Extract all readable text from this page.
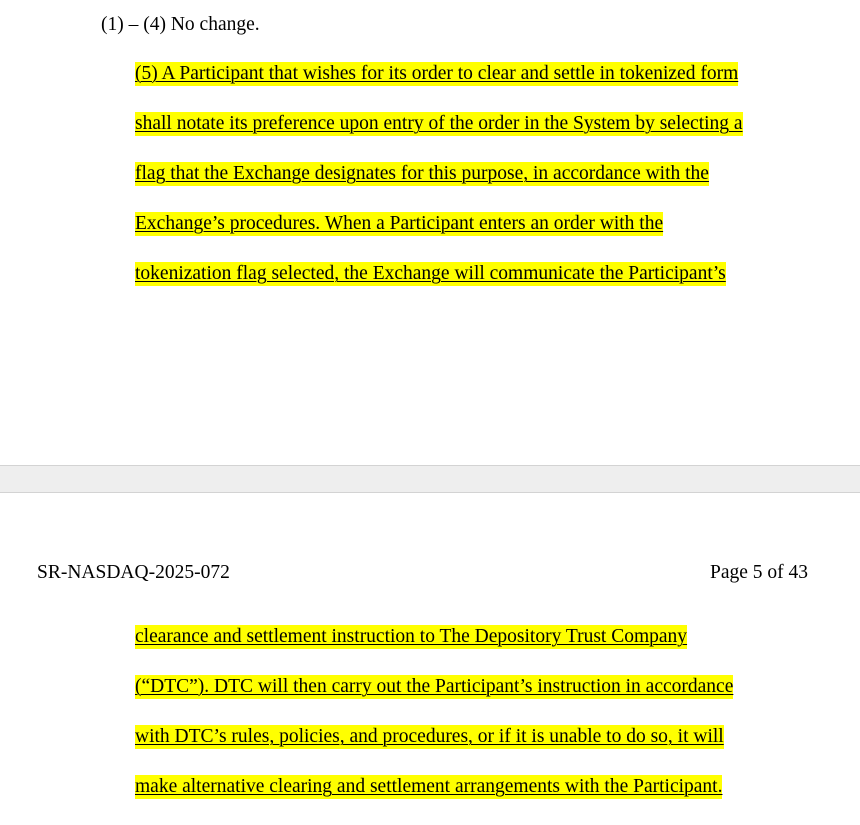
(1) – (4) No change.
(5) A Participant that wishes for its order to clear and settle in tokenized form
shall notate its preference upon entry of the order in the System by selecting a
flag that the Exchange designates for this purpose, in accordance with the
Exchange’s procedures. When a Participant enters an order with the
tokenization flag selected, the Exchange will communicate the Participant’s
SR-NASDAQ-2025-072	Page 5 of 43
clearance and settlement instruction to The Depository Trust Company
(“DTC”). DTC will then carry out the Participant’s instruction in accordance
with DTC’s rules, policies, and procedures, or if it is unable to do so, it will
make alternative clearing and settlement arrangements with the Participant.
